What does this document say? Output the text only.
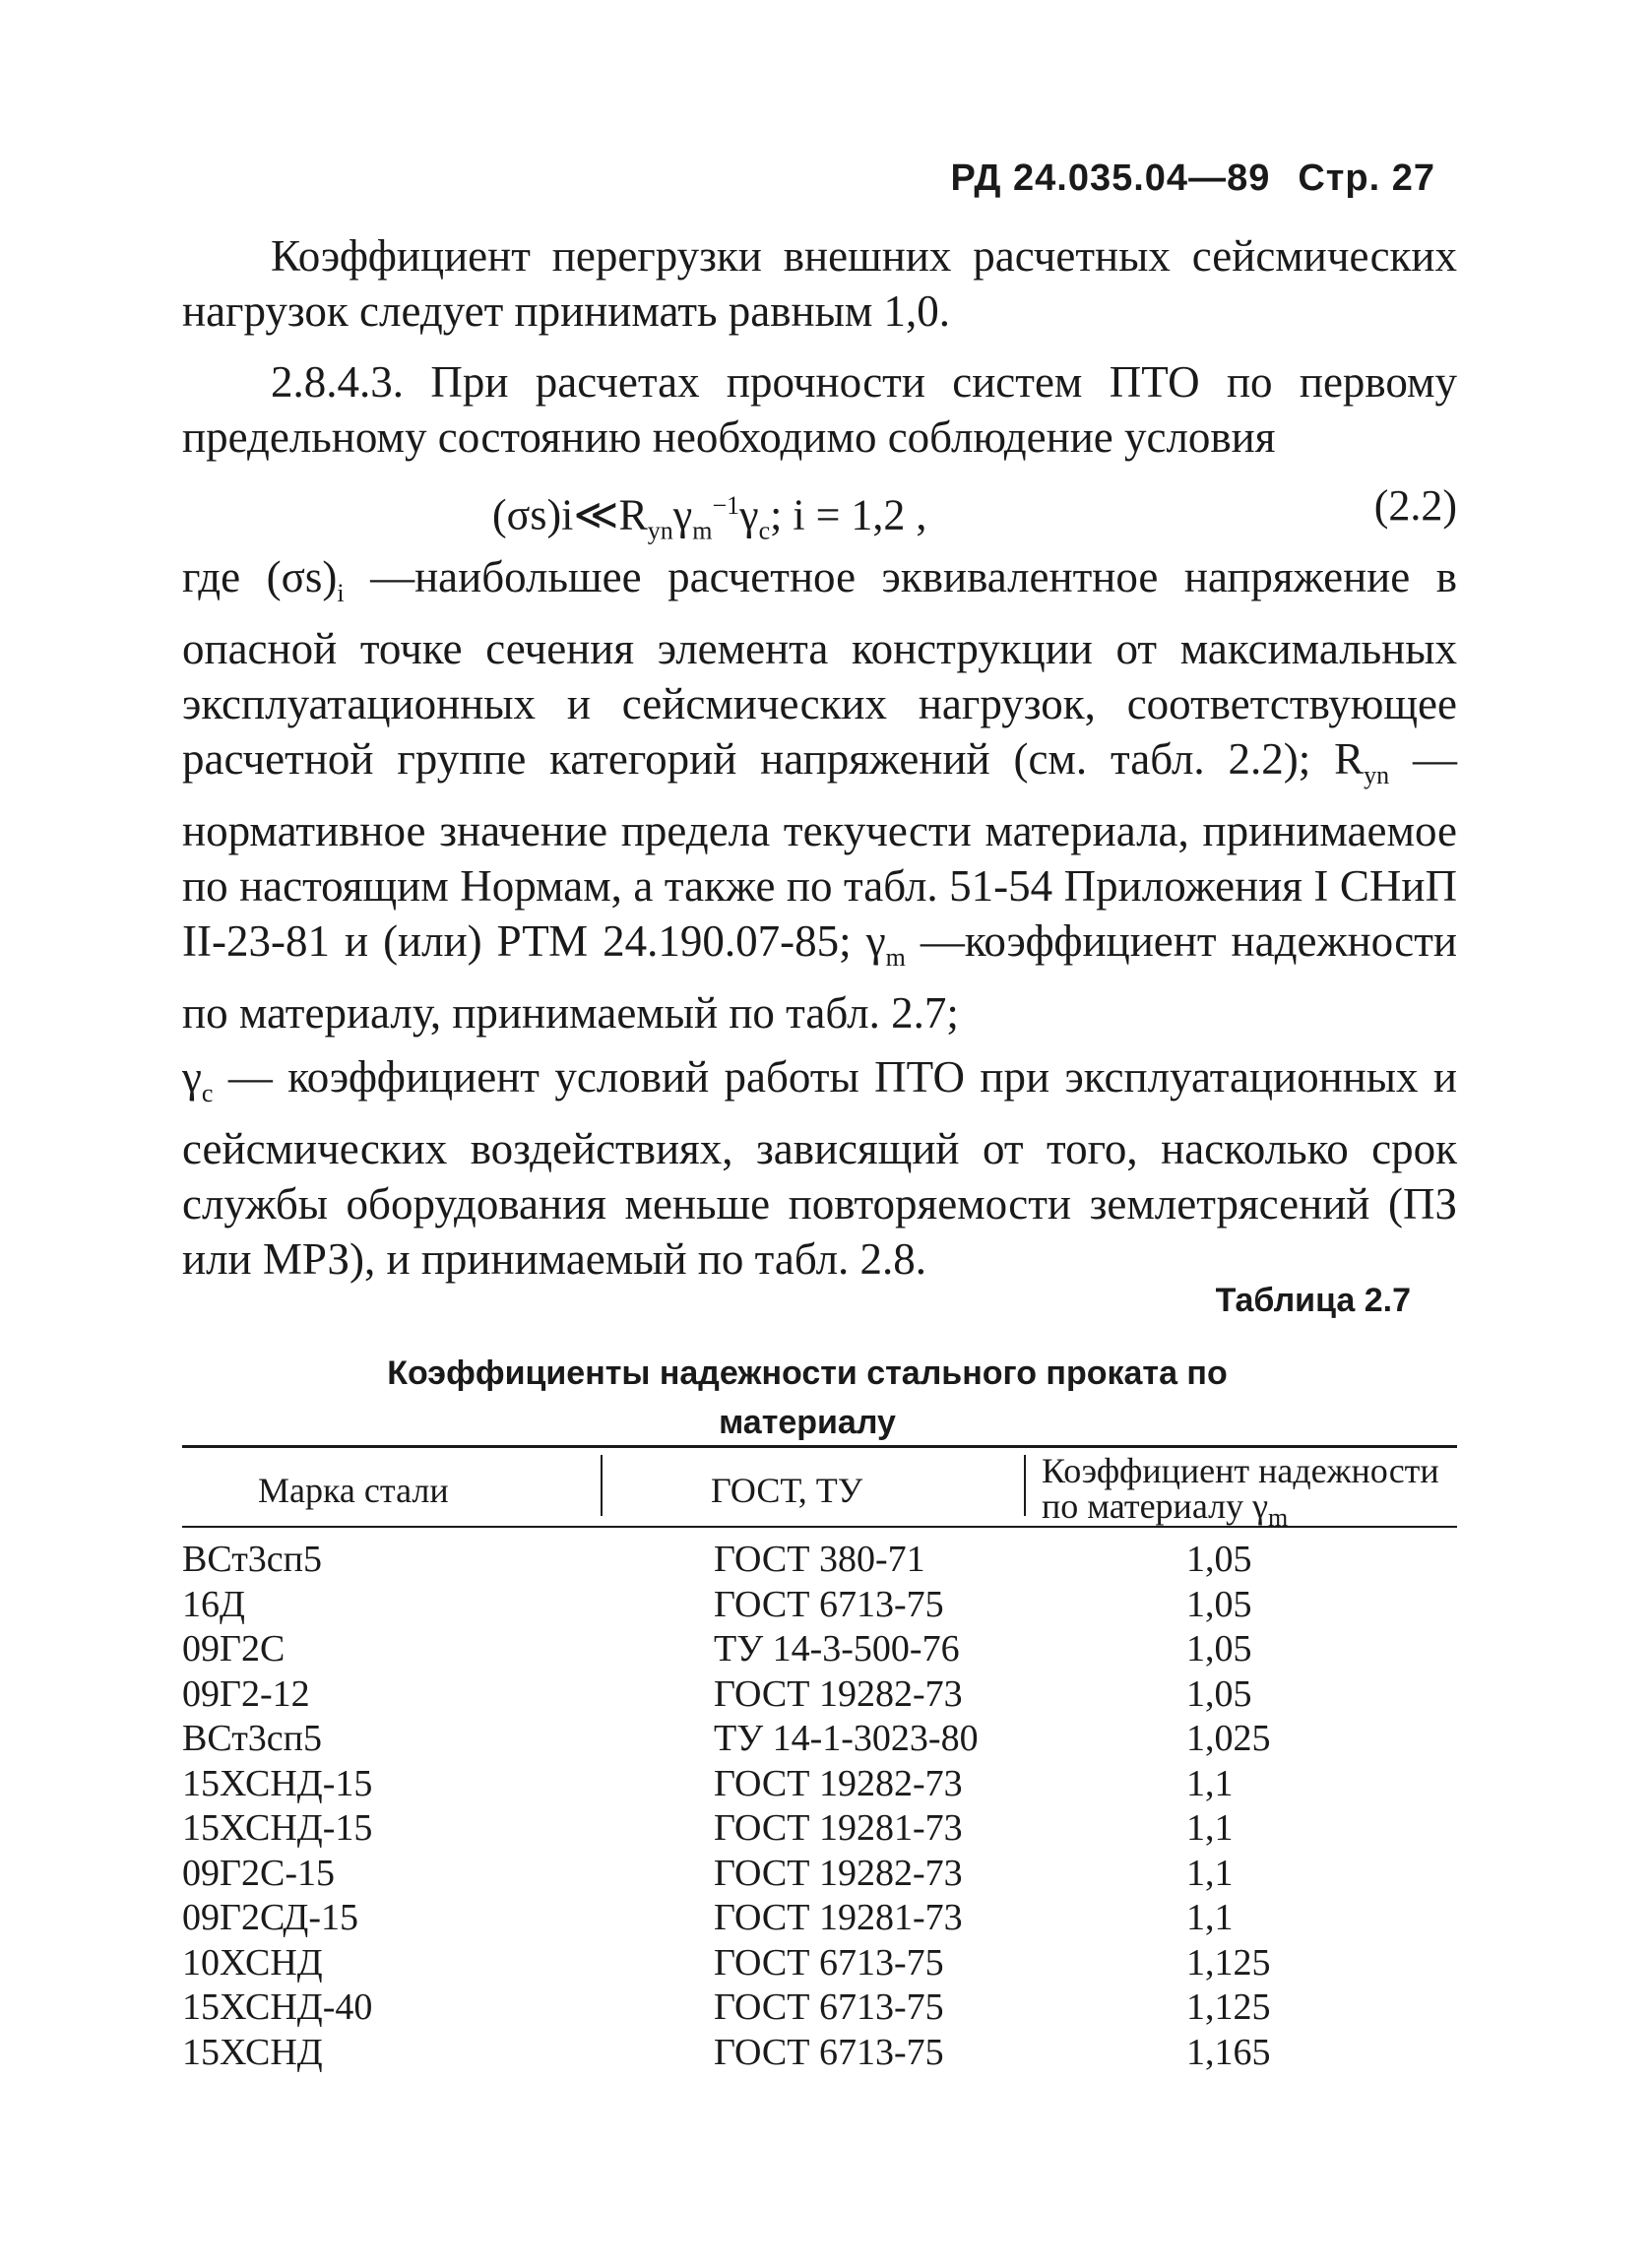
РД 24.035.04—89 Стр. 27

Коэффициент перегрузки внешних расчетных сейсмических нагрузок следует принимать равным 1,0.

2.8.4.3. При расчетах прочности систем ПТО по первому предельному состоянию необходимо соблюдение условия

$(\sigma s)i≪R_{yn}\gamma_m^{-1}\gamma_c$; i = 1,2 ,	(2.2)

где $(\sigma s)_i$ —наибольшее расчетное эквивалентное напряжение в опасной точке сечения элемента конструкции от максимальных эксплуатационных и сейсмических нагрузок, соответствующее расчетной группе категорий напряжений (см. табл. 2.2); $R_{yn}$ — нормативное значение предела текучести материала, принимаемое по настоящим Нормам, а также по табл. 51-54 Приложения I СНиП II-23-81 и (или) РТМ 24.190.07-85; $\gamma_m$ —коэффициент надежности по материалу, принимаемый по табл. 2.7;

$\gamma_c$ — коэффициент условий работы ПТО при эксплуатационных и сейсмических воздействиях, зависящий от того, насколько срок службы оборудования меньше повторяемости землетрясений (ПЗ или МРЗ), и принимаемый по табл. 2.8.

Таблица 2.7
Коэффициенты надежности стального проката по материалу
Марка стали	ГОСТ, ТУ	Коэффициент надежности по материалу $\gamma_m$
ВСт3сп5	ГОСТ 380-71	1,05
16Д	ГОСТ 6713-75	1,05
09Г2С	ТУ 14-3-500-76	1,05
09Г2-12	ГОСТ 19282-73	1,05
ВСт3сп5	ТУ 14-1-3023-80	1,025
15ХСНД-15	ГОСТ 19282-73	1,1
15ХСНД-15	ГОСТ 19281-73	1,1
09Г2С-15	ГОСТ 19282-73	1,1
09Г2СД-15	ГОСТ 19281-73	1,1
10ХСНД	ГОСТ 6713-75	1,125
15ХСНД-40	ГОСТ 6713-75	1,125
15ХСНД	ГОСТ 6713-75	1,165
